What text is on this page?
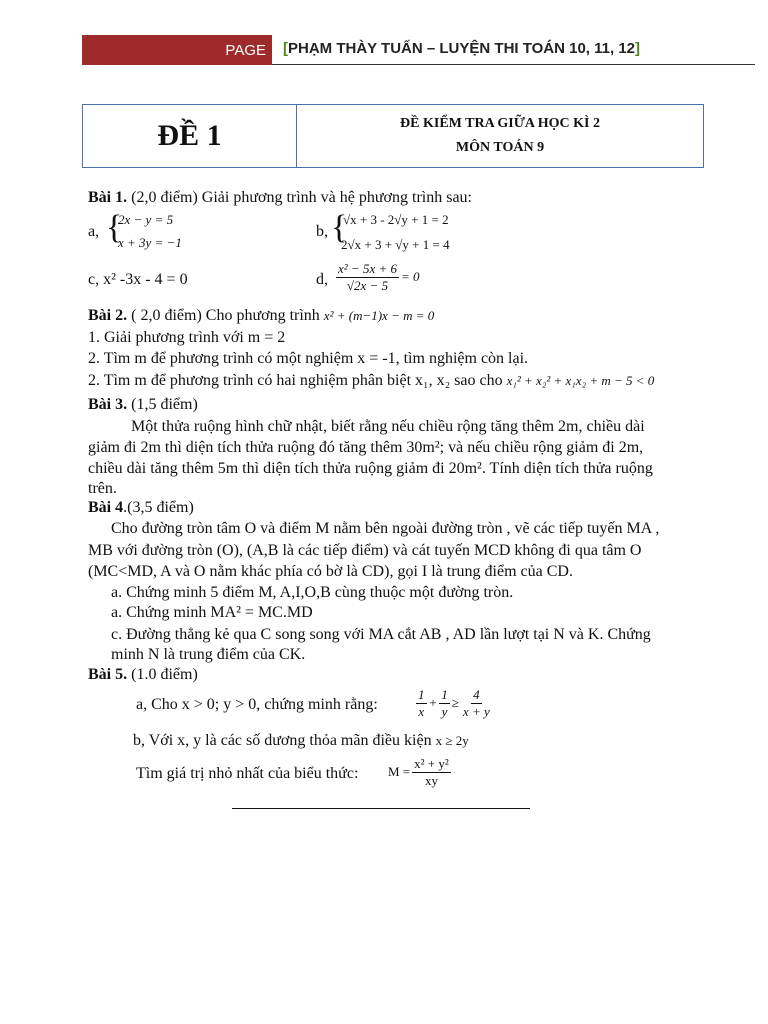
PAGE	[PHẠM THÀY TUẤN – LUYỆN THI TOÁN 10, 11, 12]
ĐỀ 1	ĐỀ KIỂM TRA GIỮA HỌC KÌ 2
MÔN TOÁN 9
Bài 1. (2,0 điểm) Giải phương trình và hệ phương trình sau:
a, {
2x − y = 5
x + 3y = −1
b, {
√x + 3 - 2√y + 1 = 2
2√x + 3 + √y + 1 = 4
c, x² -3x - 4 = 0	d, $\frac{\text{x² − 5x + 6}}{√2x - 5} = 0$
Bài 2. ( 2,0 điểm) Cho phương trình x² + (m−1)x − m = 0
1. Giải phương trình với m = 2
2. Tìm m để phương trình có một nghiệm x = -1, tìm nghiệm còn lại.
2. Tìm m để phương trình có hai nghiệm phân biệt x₁, x₂ sao cho x₁² + x₂² + x₁x₂ + m − 5 < 0
Bài 3. (1,5 điểm)
Một thửa ruộng hình chữ nhật, biết rằng nếu chiều rộng tăng thêm 2m, chiều dài
giảm đi 2m thì diện tích thửa ruộng đó tăng thêm 30m²; và nếu chiều rộng giảm đi 2m,
chiều dài tăng thêm 5m thì diện tích thửa ruộng giảm đi 20m². Tính diện tích thửa ruộng
trên.
Bài 4.(3,5 điểm)
Cho đường tròn tâm O và điểm M nằm bên ngoài đường tròn , vẽ các tiếp tuyến MA ,
MB với đường tròn (O), (A,B là các tiếp điểm) và cát tuyến MCD không đi qua tâm O
(MC<MD, A và O nằm khác phía có bờ là CD), gọi I là trung điểm của CD.
a. Chứng minh 5 điểm M, A,I,O,B cùng thuộc một đường tròn.
a. Chứng minh MA² = MC.MD
c. Đường thẳng kẻ qua C song song với MA cắt AB , AD lần lượt tại N và K. Chứng
minh N là trung điểm của CK.
Bài 5. (1.0 điểm)
a, Cho x > 0; y > 0, chứng minh rằng:	$\frac{1}{x} + \frac{1}{y} \ge \frac{4}{x + y}$
b, Với x, y là các số dương thỏa mãn điều kiện x ≥ 2y
Tìm giá trị nhỏ nhất của biểu thức: $M = \frac{\text{x² + y²}}{xy}$
